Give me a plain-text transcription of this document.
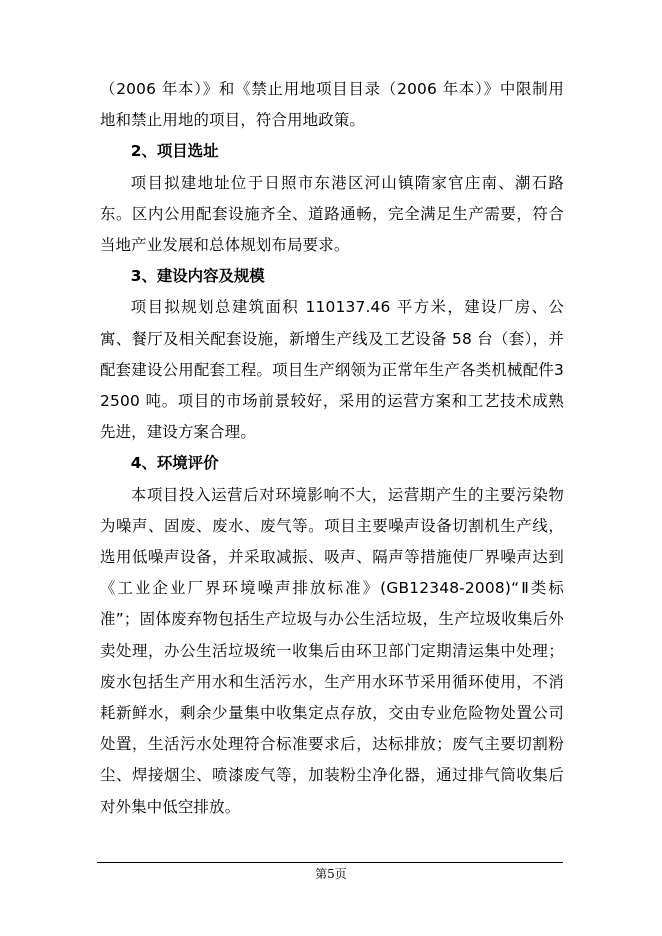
（2006 年本）》和《禁止用地项目目录（2006 年本）》中限制用地和禁止用地的项目，符合用地政策。

2、项目选址

项目拟建地址位于日照市东港区河山镇隋家官庄南、潮石路东。区内公用配套设施齐全、道路通畅，完全满足生产需要，符合当地产业发展和总体规划布局要求。

3、建设内容及规模

项目拟规划总建筑面积 110137.46 平方米，建设厂房、公寓、餐厅及相关配套设施，新增生产线及工艺设备 58 台（套），并配套建设公用配套工程。项目生产纲领为正常年生产各类机械配件32500 吨。项目的市场前景较好，采用的运营方案和工艺技术成熟先进，建设方案合理。

4、环境评价

本项目投入运营后对环境影响不大，运营期产生的主要污染物为噪声、固废、废水、废气等。项目主要噪声设备切割机生产线，选用低噪声设备，并采取减振、吸声、隔声等措施使厂界噪声达到《工业企业厂界环境噪声排放标准》(GB12348-2008)“Ⅱ类标准”；固体废弃物包括生产垃圾与办公生活垃圾，生产垃圾收集后外卖处理，办公生活垃圾统一收集后由环卫部门定期清运集中处理；废水包括生产用水和生活污水，生产用水环节采用循环使用，不消耗新鲜水，剩余少量集中收集定点存放，交由专业危险物处置公司处置，生活污水处理符合标准要求后，达标排放；废气主要切割粉尘、焊接烟尘、喷漆废气等，加装粉尘净化器，通过排气筒收集后对外集中低空排放。

第5页
